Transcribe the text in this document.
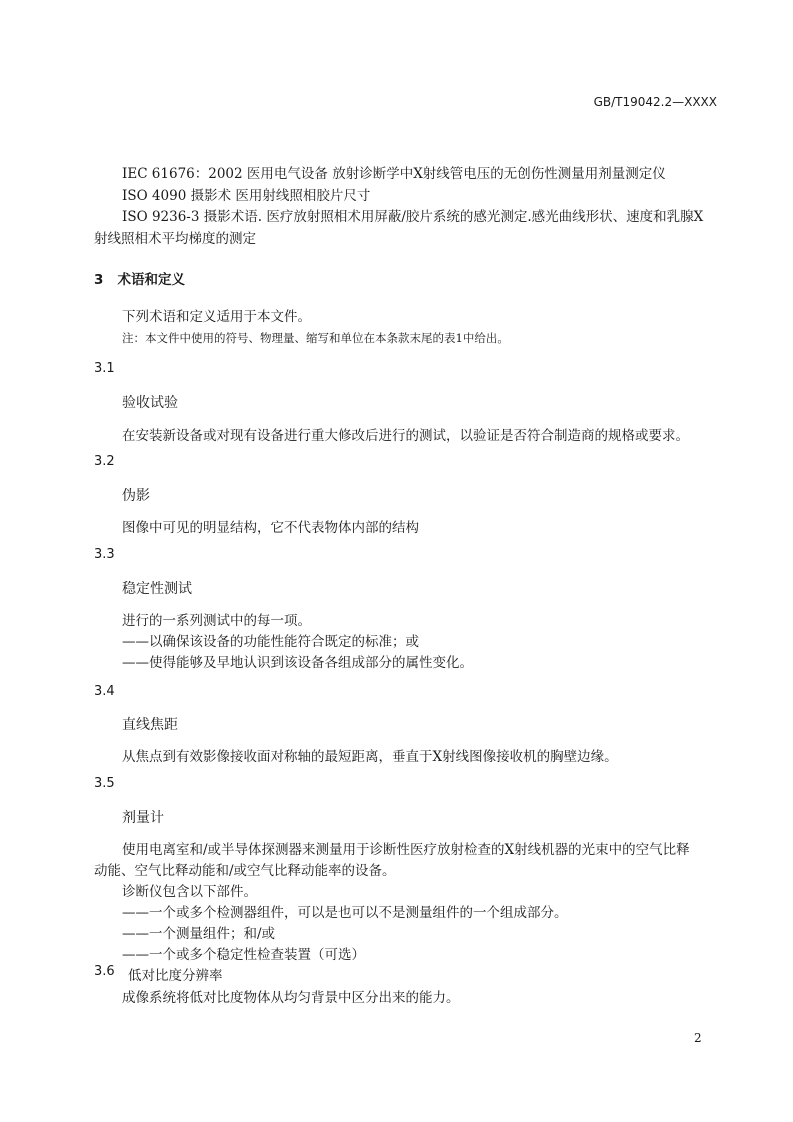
GB/T19042.2—XXXX
IEC 61676：2002 医用电气设备 放射诊断学中X射线管电压的无创伤性测量用剂量测定仪
ISO 4090 摄影术 医用射线照相胶片尺寸
ISO 9236-3 摄影术语. 医疗放射照相术用屏蔽/胶片系统的感光测定.感光曲线形状、速度和乳腺X
射线照相术平均梯度的测定
3   术语和定义
下列术语和定义适用于本文件。
注：本文件中使用的符号、物理量、缩写和单位在本条款末尾的表1中给出。
3.1
验收试验
在安装新设备或对现有设备进行重大修改后进行的测试，以验证是否符合制造商的规格或要求。
3.2
伪影
图像中可见的明显结构，它不代表物体内部的结构
3.3
稳定性测试
进行的一系列测试中的每一项。
——以确保该设备的功能性能符合既定的标准；或
——使得能够及早地认识到该设备各组成部分的属性变化。
3.4
直线焦距
从焦点到有效影像接收面对称轴的最短距离，垂直于X射线图像接收机的胸壁边缘。
3.5
剂量计
使用电离室和/或半导体探测器来测量用于诊断性医疗放射检查的X射线机器的光束中的空气比释
动能、空气比释动能和/或空气比释动能率的设备。
诊断仪包含以下部件。
——一个或多个检测器组件，可以是也可以不是测量组件的一个组成部分。
——一个测量组件；和/或
——一个或多个稳定性检查装置（可选）
3.6 低对比度分辨率
成像系统将低对比度物体从均匀背景中区分出来的能力。
2
